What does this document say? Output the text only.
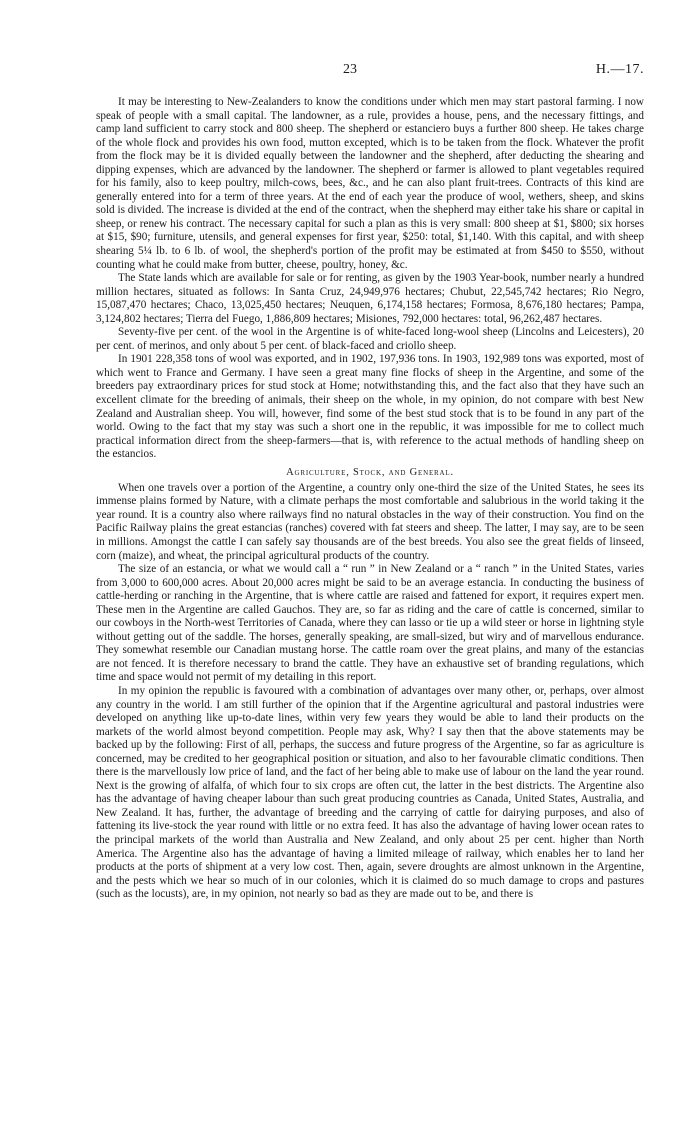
23	H.—17.

It may be interesting to New-Zealanders to know the conditions under which men may start pastoral farming. I now speak of people with a small capital. The landowner, as a rule, provides a house, pens, and the necessary fittings, and camp land sufficient to carry stock and 800 sheep. The shepherd or estanciero buys a further 800 sheep. He takes charge of the whole flock and provides his own food, mutton excepted, which is to be taken from the flock. Whatever the profit from the flock may be it is divided equally between the landowner and the shepherd, after deducting the shearing and dipping expenses, which are advanced by the landowner. The shepherd or farmer is allowed to plant vegetables required for his family, also to keep poultry, milch-cows, bees, &c., and he can also plant fruit-trees. Contracts of this kind are generally entered into for a term of three years. At the end of each year the produce of wool, wethers, sheep, and skins sold is divided. The increase is divided at the end of the contract, when the shepherd may either take his share or capital in sheep, or renew his contract. The necessary capital for such a plan as this is very small: 800 sheep at $1, $800; six horses at $15, $90; furniture, utensils, and general expenses for first year, $250: total, $1,140. With this capital, and with sheep shearing 5¼ lb. to 6 lb. of wool, the shepherd's portion of the profit may be estimated at from $450 to $550, without counting what he could make from butter, cheese, poultry, honey, &c.

The State lands which are available for sale or for renting, as given by the 1903 Year-book, number nearly a hundred million hectares, situated as follows: In Santa Cruz, 24,949,976 hectares; Chubut, 22,545,742 hectares; Rio Negro, 15,087,470 hectares; Chaco, 13,025,450 hectares; Neuquen, 6,174,158 hectares; Formosa, 8,676,180 hectares; Pampa, 3,124,802 hectares; Tierra del Fuego, 1,886,809 hectares; Misiones, 792,000 hectares: total, 96,262,487 hectares.

Seventy-five per cent. of the wool in the Argentine is of white-faced long-wool sheep (Lincolns and Leicesters), 20 per cent. of merinos, and only about 5 per cent. of black-faced and criollo sheep.

In 1901 228,358 tons of wool was exported, and in 1902, 197,936 tons. In 1903, 192,989 tons was exported, most of which went to France and Germany. I have seen a great many fine flocks of sheep in the Argentine, and some of the breeders pay extraordinary prices for stud stock at Home; notwithstanding this, and the fact also that they have such an excellent climate for the breeding of animals, their sheep on the whole, in my opinion, do not compare with best New Zealand and Australian sheep. You will, however, find some of the best stud stock that is to be found in any part of the world. Owing to the fact that my stay was such a short one in the republic, it was impossible for me to collect much practical information direct from the sheep-farmers—that is, with reference to the actual methods of handling sheep on the estancios.

Agriculture, Stock, and General.

When one travels over a portion of the Argentine, a country only one-third the size of the United States, he sees its immense plains formed by Nature, with a climate perhaps the most comfortable and salubrious in the world taking it the year round. It is a country also where railways find no natural obstacles in the way of their construction. You find on the Pacific Railway plains the great estancias (ranches) covered with fat steers and sheep. The latter, I may say, are to be seen in millions. Amongst the cattle I can safely say thousands are of the best breeds. You also see the great fields of linseed, corn (maize), and wheat, the principal agricultural products of the country.

The size of an estancia, or what we would call a “ run ” in New Zealand or a “ ranch ” in the United States, varies from 3,000 to 600,000 acres. About 20,000 acres might be said to be an average estancia. In conducting the business of cattle-herding or ranching in the Argentine, that is where cattle are raised and fattened for export, it requires expert men. These men in the Argentine are called Gauchos. They are, so far as riding and the care of cattle is concerned, similar to our cowboys in the North-west Territories of Canada, where they can lasso or tie up a wild steer or horse in lightning style without getting out of the saddle. The horses, generally speaking, are small-sized, but wiry and of marvellous endurance. They somewhat resemble our Canadian mustang horse. The cattle roam over the great plains, and many of the estancias are not fenced. It is therefore necessary to brand the cattle. They have an exhaustive set of branding regulations, which time and space would not permit of my detailing in this report.

In my opinion the republic is favoured with a combination of advantages over many other, or, perhaps, over almost any country in the world. I am still further of the opinion that if the Argentine agricultural and pastoral industries were developed on anything like up-to-date lines, within very few years they would be able to land their products on the markets of the world almost beyond competition. People may ask, Why? I say then that the above statements may be backed up by the following: First of all, perhaps, the success and future progress of the Argentine, so far as agriculture is concerned, may be credited to her geographical position or situation, and also to her favourable climatic conditions. Then there is the marvellously low price of land, and the fact of her being able to make use of labour on the land the year round. Next is the growing of alfalfa, of which four to six crops are often cut, the latter in the best districts. The Argentine also has the advantage of having cheaper labour than such great producing countries as Canada, United States, Australia, and New Zealand. It has, further, the advantage of breeding and the carrying of cattle for dairying purposes, and also of fattening its live-stock the year round with little or no extra feed. It has also the advantage of having lower ocean rates to the principal markets of the world than Australia and New Zealand, and only about 25 per cent. higher than North America. The Argentine also has the advantage of having a limited mileage of railway, which enables her to land her products at the ports of shipment at a very low cost. Then, again, severe droughts are almost unknown in the Argentine, and the pests which we hear so much of in our colonies, which it is claimed do so much damage to crops and pastures (such as the locusts), are, in my opinion, not nearly so bad as they are made out to be, and there is
